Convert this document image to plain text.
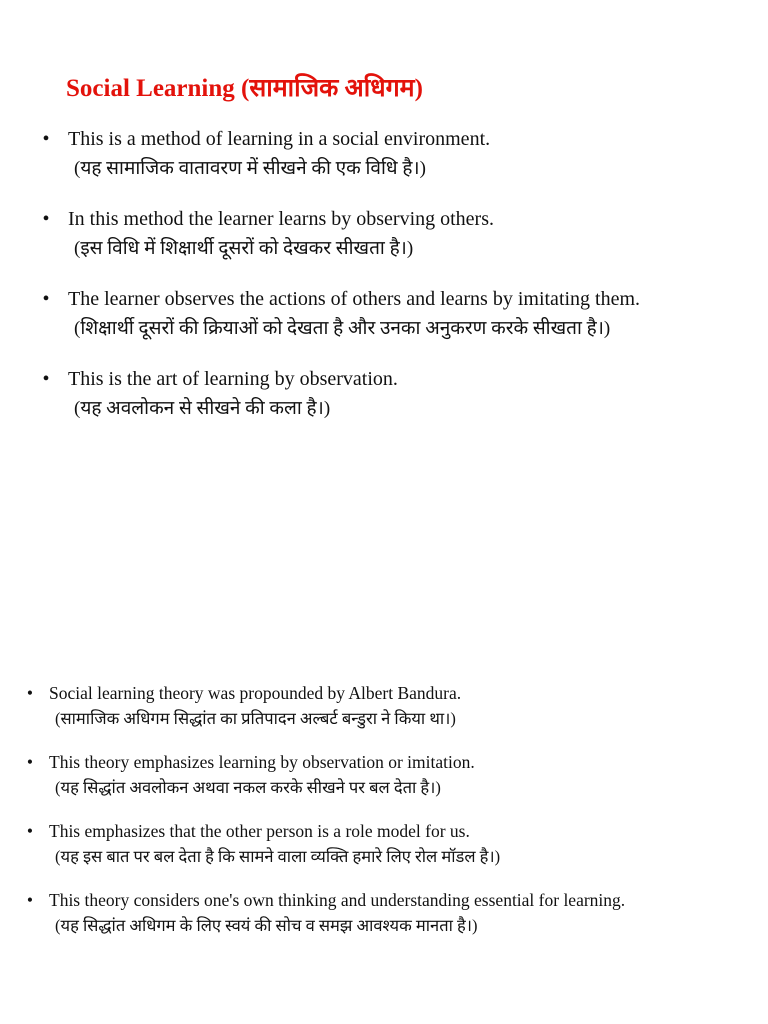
Social Learning (सामाजिक अधिगम)
• This is a method of learning in a social environment.
(यह सामाजिक वातावरण में सीखने की एक विधि है।)
• In this method the learner learns by observing others.
(इस विधि में शिक्षार्थी दूसरों को देखकर सीखता है।)
• The learner observes the actions of others and learns by imitating them.
(शिक्षार्थी दूसरों की क्रियाओं को देखता है और उनका अनुकरण करके सीखता है।)
• This is the art of learning by observation.
(यह अवलोकन से सीखने की कला है।)
• Social learning theory was propounded by Albert Bandura.
(सामाजिक अधिगम सिद्धांत का प्रतिपादन अल्बर्ट बन्डुरा ने किया था।)
• This theory emphasizes learning by observation or imitation.
(यह सिद्धांत अवलोकन अथवा नकल करके सीखने पर बल देता है।)
• This emphasizes that the other person is a role model for us.
(यह इस बात पर बल देता है कि सामने वाला व्यक्ति हमारे लिए रोल मॉडल है।)
• This theory considers one's own thinking and understanding essential for learning.
(यह सिद्धांत अधिगम के लिए स्वयं की सोच व समझ आवश्यक मानता है।)
